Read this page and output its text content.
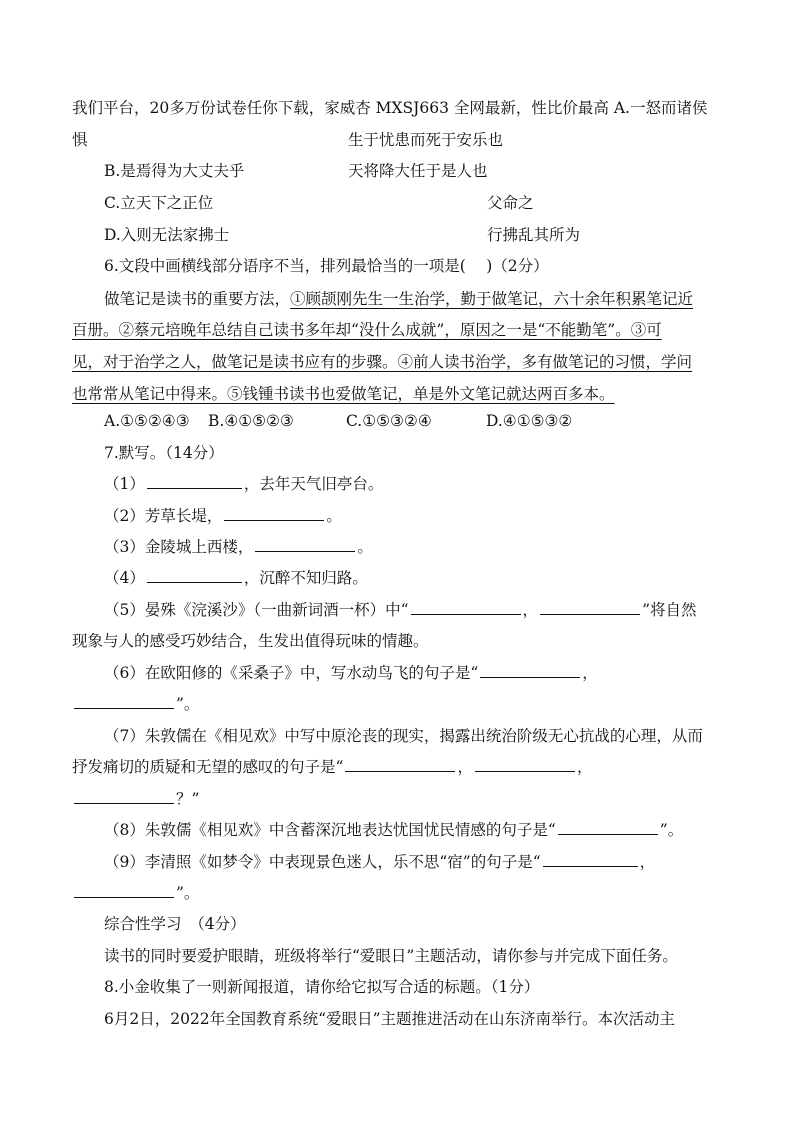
我们平台，20多万份试卷任你下载，家威杏 MXSJ663 全网最新，性比价最高 A.一怒而诸侯
惧	生于忧患而死于安乐也
B.是焉得为大丈夫乎	天将降大任于是人也
C.立天下之正位	父命之
D.入则无法家拂士	行拂乱其所为
6.文段中画横线部分语序不当，排列最恰当的一项是(　 )（2分）
做笔记是读书的重要方法，①顾颉刚先生一生治学，勤于做笔记，六十余年积累笔记近
百册。②蔡元培晚年总结自己读书多年却“没什么成就”，原因之一是“不能勤笔”。③可
见，对于治学之人，做笔记是读书应有的步骤。④前人读书治学，多有做笔记的习惯，学问
也常常从笔记中得来。⑤钱锺书读书也爱做笔记，单是外文笔记就达两百多本。
A.①⑤②④③ B.④①⑤②③	C.①⑤③②④	D.④①⑤③②
7.默写。（14分）
（1）	，去年天气旧亭台。
（2）芳草长堤，	。
（3）金陵城上西楼，	。
（4）	，沉醉不知归路。
（5）晏殊《浣溪沙》（一曲新词酒一杯）中“	，	”将自然
现象与人的感受巧妙结合，生发出值得玩味的情趣。
（6）在欧阳修的《采桑子》中，写水动鸟飞的句子是“	，
”。
（7）朱敦儒在《相见欢》中写中原沦丧的现实，揭露出统治阶级无心抗战的心理，从而
抒发痛切的质疑和无望的感叹的句子是“	，	，
？”
（8）朱敦儒《相见欢》中含蓄深沉地表达忧国忧民情感的句子是“	”。
（9）李清照《如梦令》中表现景色迷人，乐不思“宿”的句子是“	，
”。
综合性学习　（4分）
读书的同时要爱护眼睛，班级将举行“爱眼日”主题活动，请你参与并完成下面任务。
8.小金收集了一则新闻报道，请你给它拟写合适的标题。（1分）
6月2日，2022年全国教育系统“爱眼日”主题推进活动在山东济南举行。本次活动主
